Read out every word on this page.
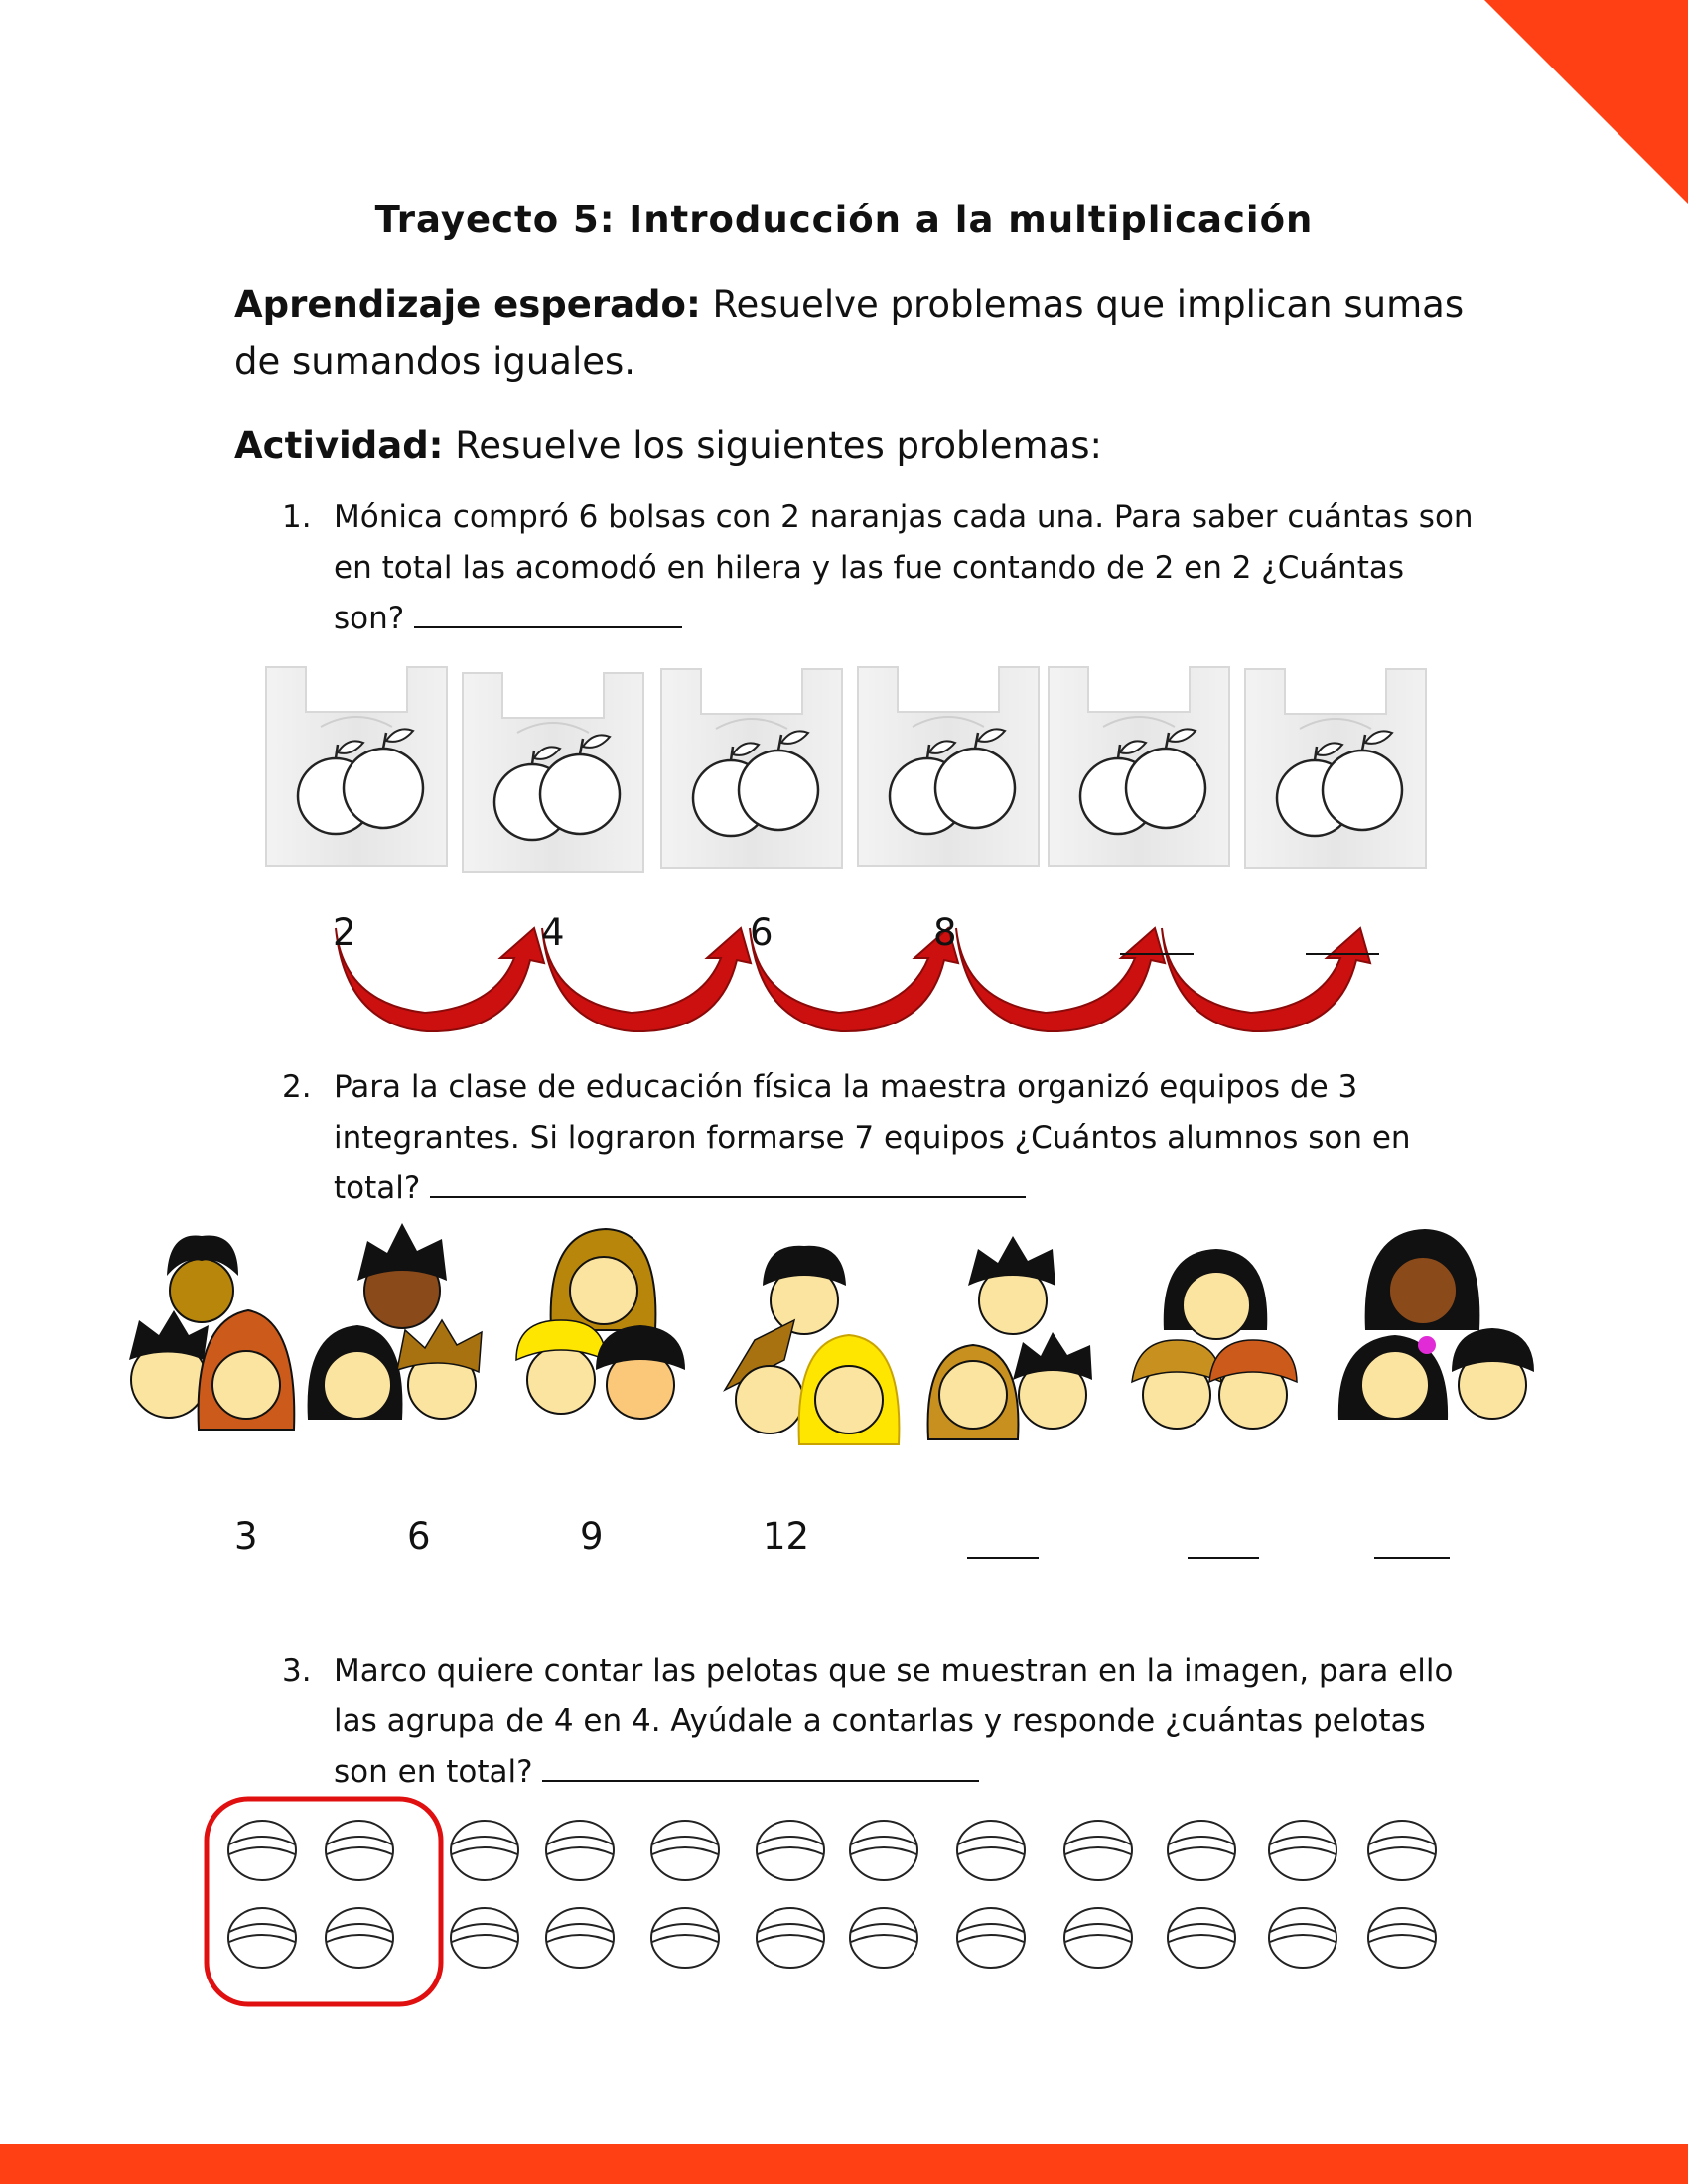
Trayecto 5: Introducción a la multiplicación
Aprendizaje esperado: Resuelve problemas que implican sumas de sumandos iguales.
Actividad: Resuelve los siguientes problemas:
1. Mónica compró 6 bolsas con 2 naranjas cada una. Para saber cuántas son en total las acomodó en hilera y las fue contando de 2 en 2 ¿Cuántas son?
2	4	6	8
2. Para la clase de educación física la maestra organizó equipos de 3 integrantes. Si lograron formarse 7 equipos ¿Cuántos alumnos son en total?
3	6	9	12
3. Marco quiere contar las pelotas que se muestran en la imagen, para ello las agrupa de 4 en 4. Ayúdale a contarlas y responde ¿cuántas pelotas son en total?
